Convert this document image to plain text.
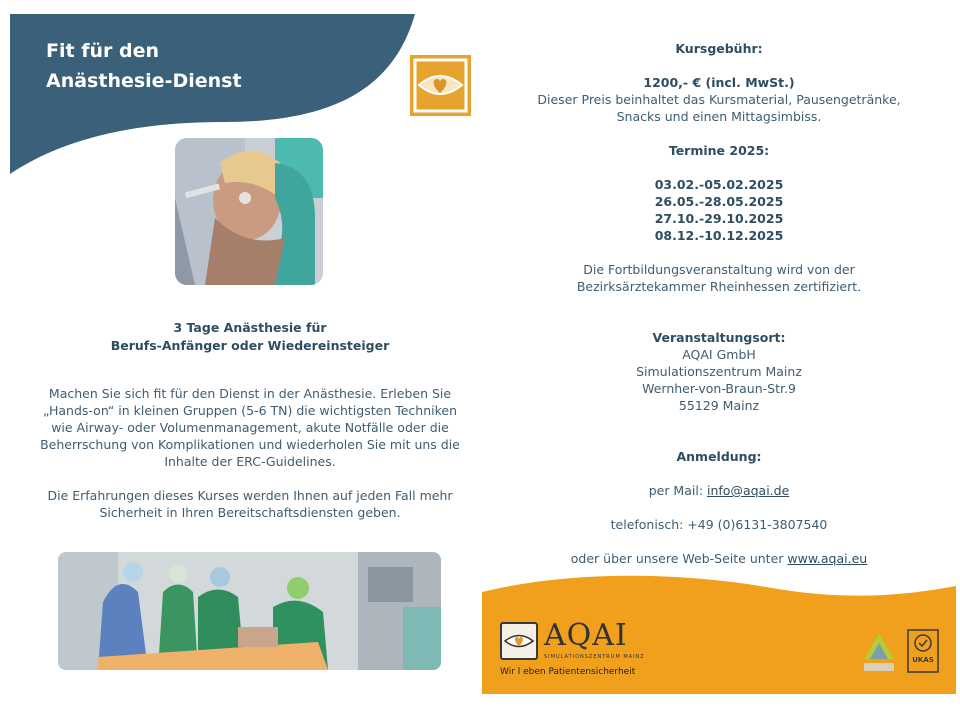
Fit für den
Anästhesie-Dienst
3 Tage Anästhesie für
Berufs-Anfänger oder Wiedereinsteiger

Machen Sie sich fit für den Dienst in der Anästhesie. Erleben Sie „Hands-on“ in kleinen Gruppen (5-6 TN) die wichtigsten Techniken wie Airway- oder Volumenmanagement, akute Notfälle oder die Beherrschung von Komplikationen und wiederholen Sie mit uns die Inhalte der ERC-Guidelines.

Die Erfahrungen dieses Kurses werden Ihnen auf jeden Fall mehr Sicherheit in Ihren Bereitschaftsdiensten geben.

Kursgebühr:
1200,- € (incl. MwSt.)
Dieser Preis beinhaltet das Kursmaterial, Pausengetränke, Snacks und einen Mittagsimbiss.
Termine 2025:
03.02.-05.02.2025
26.05.-28.05.2025
27.10.-29.10.2025
08.12.-10.12.2025
Die Fortbildungsveranstaltung wird von der Bezirksärztekammer Rheinhessen zertifiziert.
Veranstaltungsort:
AQAI GmbH
Simulationszentrum Mainz
Wernher-von-Braun-Str.9
55129 Mainz
Anmeldung:
per Mail: info@aqai.de
telefonisch: +49 (0)6131-3807540
oder über unsere Web-Seite unter www.aqai.eu
AQAI
SIMULATIONSZENTRUM MAINZ
Wir l eben Patientensicherheit
UKAS
